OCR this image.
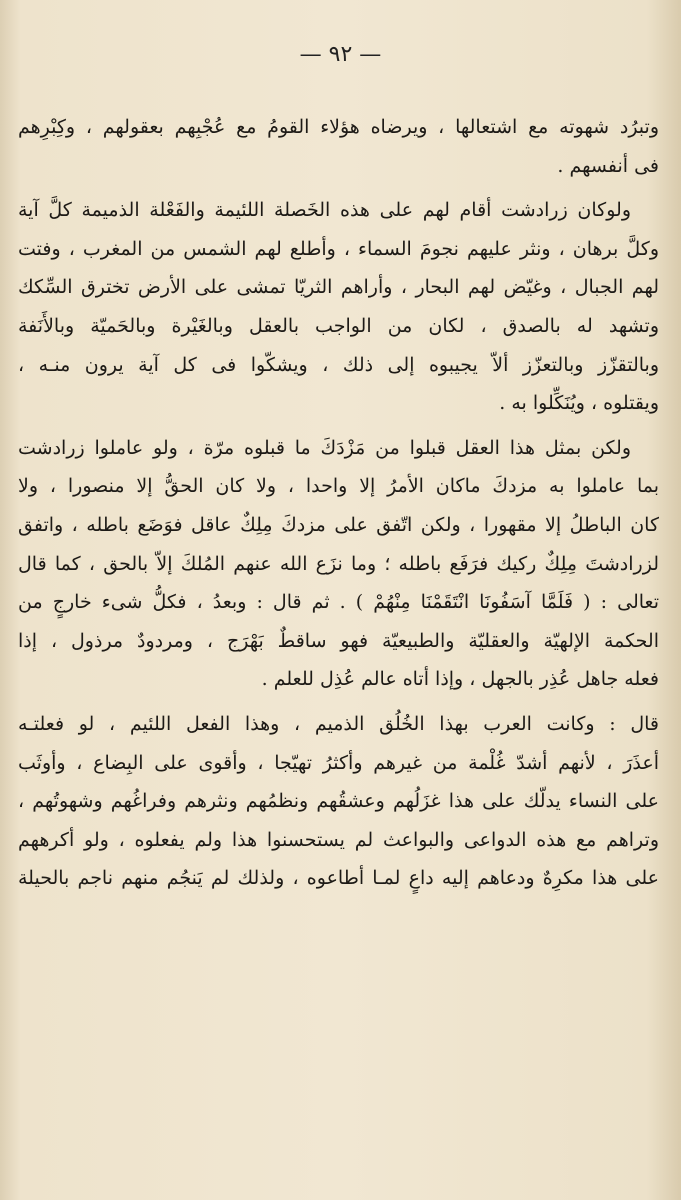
— ٩٢ —
وتبرُد شهوته مع اشتعالها ، ويرضاه هؤلاء القومُ مع عُجْبِهم بعقولهم ، وكِبْرِهم
فى أنفسهم .
ولوكان زرادشت أقام لهم على هذه الخَصلة اللئيمة والفَعْلة الذميمة كلَّ آية
وكلَّ برهان ، ونثر عليهم نجومَ السماء ، وأطلع لهم الشمس من المغرب ، وفتت
لهم الجبال ، وغيّض لهم البحار ، وأراهم الثريّا تمشى على الأرض تخترق السِّكك
وتشهد له بالصدق ، لكان من الواجب بالعقل وبالغَيْرة وبالحَميّة وبالأَنَفة
وبالتقزّز وبالتعزّز ألاّ يجيبوه إلى ذلك ، ويشكّوا فى كل آية يرون منـه ،
ويقتلوه ، ويُنَكِّلوا به .
ولكن بمثل هذا العقل قبلوا من مَزْدَكَ ما قبلوه مرّة ، ولو عاملوا زرادشت
بما عاملوا به مزدكَ ماكان الأمرُ إلا واحدا ، ولا كان الحقُّ إلا منصورا ، ولا
كان الباطلُ إلا مقهورا ، ولكن اتّفق على مزدكَ مِلِكٌ عاقل فوَضَع باطله ، واتفق
لزرادشتَ مِلِكٌ ركيك فرَفَع باطله ؛ وما نزَع الله عنهم المُلكَ إلاّ بالحق ، كما قال
تعالى : ( فَلَمَّا آسَفُونَا انْتَقَمْنَا مِنْهُمْ ) . ثم قال : وبعدُ ، فكلُّ شىء خارجٍ من
الحكمة الإلهيّة والعقليّة والطبيعيّة فهو ساقطٌ بَهْرَج ، ومردودٌ مرذول ، إذا
فعله جاهل عُذِر بالجهل ، وإذا أتاه عالم عُذِل للعلم .
قال : وكانت العرب بهذا الخُلُق الذميم ، وهذا الفعل اللئيم ، لو فعلتـه
أعذَرَ ، لأنهم أشدّ غُلْمة من غيرهم وأكثرُ تهيّجا ، وأقوى على البِضاع ، وأوثَب
على النساء يدلّك على هذا غزَلُهم وعشقُهم ونظمُهم ونثرهم وفراغُهم وشهوتُهم ،
وتراهم مع هذه الدواعى والبواعث لم يستحسنوا هذا ولم يفعلوه ، ولو أكرههم
على هذا مكرِهٌ ودعاهم إليه داعٍ لمـا أطاعوه ، ولذلك لم يَنجُم منهم ناجم بالحيلة
